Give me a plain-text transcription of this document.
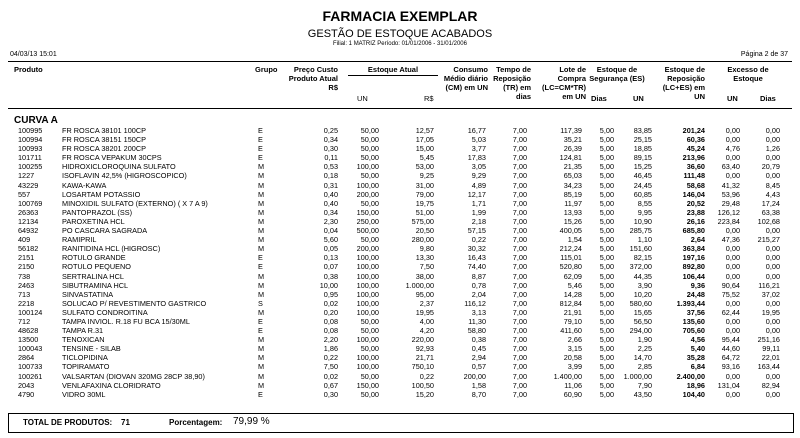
FARMACIA EXEMPLAR
GESTÃO DE ESTOQUE ACABADOS
Filial: 1 MATRIZ Período: 01/01/2006 - 31/01/2006
04/03/13 15:01	Página 2 de 37
Produto	Grupo	Preço Custo
Produto Atual
R$
Estoque Atual
UN	R$
Consumo
Médio diário
(CM) em UN
Tempo de
Reposição
(TR) em
dias
Lote de
Compra
(LC=CM*TR)
em UN
Estoque de
Segurança (ES)
Dias	UN
Estoque de
Reposição
(LC+ES) em
UN
Excesso de
Estoque
UN	Dias
CURVA A
100995	FR ROSCA 38101 100CP	E	0,25	50,00	12,57	16,77	7,00	117,39 5,00	83,85	201,24	0,00	0,00
100994	FR ROSCA 38151 150CP	E	0,34	50,00	17,05	5,03	7,00	35,21 5,00	25,15	60,36	0,00	0,00
100993	FR ROSCA 38201 200CP	E	0,30	50,00	15,00	3,77	7,00	26,39 5,00	18,85	45,24	4,76	1,26
101711	FR ROSCA VEPAKUM 30CPS	E	0,11	50,00	5,45	17,83	7,00	124,81 5,00	89,15	213,96	0,00	0,00
100255	HIDROXICLOROQUINA SULFATO	M	0,53	100,00	53,00	3,05	7,00	21,35 5,00	15,25	36,60 63,40	20,79
1227	ISOFLAVIN 42,5% (HIGROSCOPICO)	M	0,18	50,00	9,25	9,29	7,00	65,03 5,00	46,45	111,48	0,00	0,00
43229	KAWA-KAWA	M	0,31	100,00	31,00	4,89	7,00	34,23 5,00	24,45	58,68 41,32	8,45
557	LOSARTAM POTASSIO	M	0,40	200,00	79,00	12,17	7,00	85,19 5,00	60,85	146,04 53,96	4,43
100769	MINOXIDIL SULFATO (EXTERNO) ( X 7 A 9)	M	0,40	50,00	19,75	1,71	7,00	11,97 5,00	8,55	20,52 29,48	17,24
26363	PANTOPRAZOL (SS)	M	0,34	150,00	51,00	1,99	7,00	13,93 5,00	9,95	23,88 126,12	63,38
12134	PAROXETINA HCL	M	2,30	250,00	575,00	2,18	7,00	15,26 5,00	10,90	26,16 223,84 102,68
64932	PO CASCARA SAGRADA	M	0,04	500,00	20,50	57,15	7,00	400,05 5,00 285,75	685,80	0,00	0,00
409	RAMIPRIL	M	5,60	50,00	280,00	0,22	7,00	1,54 5,00	1,10	2,64 47,36 215,27
56182	RANITIDINA HCL (HIGROSC)	M	0,05	200,00	9,80	30,32	7,00	212,24 5,00 151,60	363,84	0,00	0,00
2151	ROTULO GRANDE	E	0,13	100,00	13,30	16,43	7,00	115,01 5,00	82,15	197,16	0,00	0,00
2150	ROTULO PEQUENO	E	0,07	100,00	7,50	74,40	7,00	520,80 5,00 372,00	892,80	0,00	0,00
738	SERTRALINA HCL	M	0,38	100,00	38,00	8,87	7,00	62,09 5,00	44,35	106,44	0,00	0,00
2463	SIBUTRAMINA HCL	M	10,00	100,00	1.000,00	0,78	7,00	5,46 5,00	3,90	9,36 90,64 116,21
713	SINVASTATINA	M	0,95	100,00	95,00	2,04	7,00	14,28 5,00	10,20	24,48 75,52	37,02
2218	SOLUCAO P/ REVESTIMENTO GASTRICO	S	0,02	100,00	2,37	116,12	7,00	812,84 5,00 580,60	1.393,44	0,00	0,00
100124	SULFATO CONDROITINA	M	0,20	100,00	19,95	3,13	7,00	21,91 5,00	15,65	37,56 62,44	19,95
712	TAMPA INVIOL. R.18 FU BCA 15/30ML	E	0,08	50,00	4,00	11,30	7,00	79,10 5,00	56,50	135,60	0,00	0,00
48628	TAMPA R.31	E	0,08	50,00	4,20	58,80	7,00	411,60 5,00 294,00	705,60	0,00	0,00
13500	TENOXICAN	M	2,20	100,00	220,00	0,38	7,00	2,66 5,00	1,90	4,56 95,44 251,16
100043	TENSINE - SILAB	M	1,86	50,00	92,93	0,45	7,00	3,15 5,00	2,25	5,40 44,60	99,11
2864	TICLOPIDINA	M	0,22	100,00	21,71	2,94	7,00	20,58 5,00	14,70	35,28 64,72	22,01
100733	TOPIRAMATO	M	7,50	100,00	750,10	0,57	7,00	3,99 5,00	2,85	6,84 93,16 163,44
100261	VALSARTAN (DIOVAN 320MG 28CP 38,90)	M	0,02	50,00	0,22	200,00	7,00	1.400,00 5,00 1.000,00	2.400,00	0,00	0,00
2043	VENLAFAXINA CLORIDRATO	M	0,67	150,00	100,50	1,58	7,00	11,06 5,00	7,90	18,96 131,04	82,94
4790	VIDRO 30ML	E	0,30	50,00	15,20	8,70	7,00	60,90 5,00	43,50	104,40	0,00	0,00
TOTAL DE PRODUTOS: 71	Porcentagem: 79,99 %
